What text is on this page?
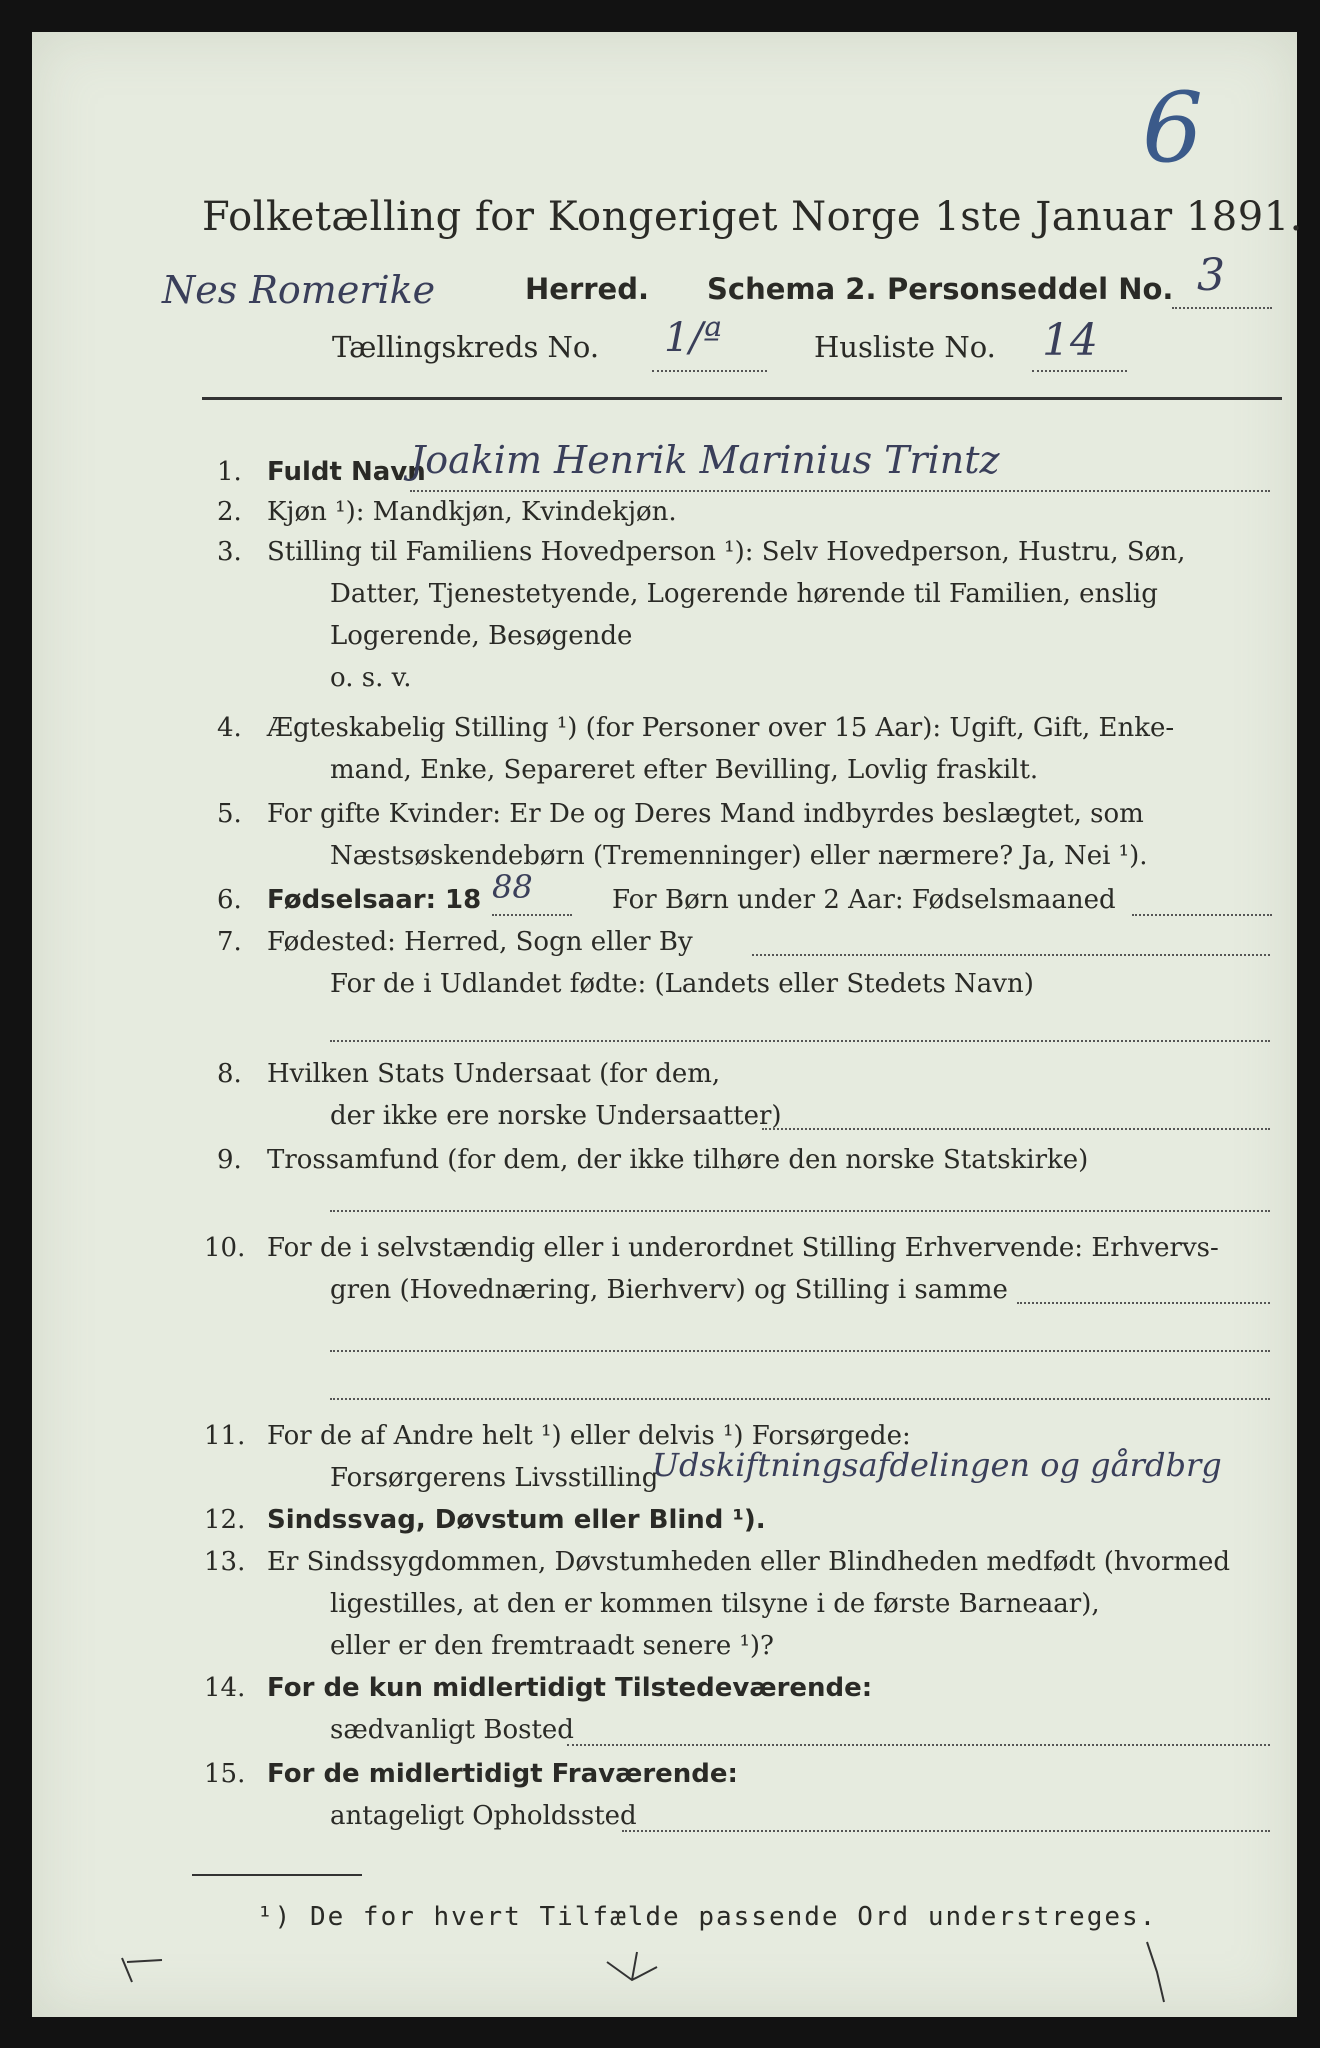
6
Folketælling for Kongeriget Norge 1ste Januar 1891.
Nes Romerike	Herred. Schema 2. Personseddel No. 3
Tællingskreds No. 1/ª	Husliste No. 14
1. Fuldt Navn
Joakim Henrik Marinius Trintz
2. Kjøn ¹): Mandkjøn, Kvindekjøn.
3. Stilling til Familiens Hovedperson ¹): Selv Hovedperson, Hustru, Søn,
Datter, Tjenestetyende, Logerende hørende til Familien, enslig
Logerende, Besøgende
o. s. v.
4. Ægteskabelig Stilling ¹) (for Personer over 15 Aar): Ugift, Gift, Enke-
mand, Enke, Separeret efter Bevilling, Lovlig fraskilt.
5. For gifte Kvinder: Er De og Deres Mand indbyrdes beslægtet, som
Næstsøskendebørn (Tremenninger) eller nærmere? Ja, Nei ¹).
6. Fødselsaar: 18 88	For Børn under 2 Aar: Fødselsmaaned
7. Fødested: Herred, Sogn eller By
For de i Udlandet fødte: (Landets eller Stedets Navn)
8. Hvilken Stats Undersaat (for dem,
der ikke ere norske Undersaatter)
9. Trossamfund (for dem, der ikke tilhøre den norske Statskirke)
10. For de i selvstændig eller i underordnet Stilling Erhvervende: Erhvervs-
gren (Hovednæring, Bierhverv) og Stilling i samme
11. For de af Andre helt ¹) eller delvis ¹) Forsørgede:
Forsørgerens Livsstilling
Udskiftningsafdelingen og gårdbrg
12. Sindssvag, Døvstum eller Blind ¹).
13. Er Sindssygdommen, Døvstumheden eller Blindheden medfødt (hvormed
ligestilles, at den er kommen tilsyne i de første Barneaar),
eller er den fremtraadt senere ¹)?
14. For de kun midlertidigt Tilstedeværende:
sædvanligt Bosted
15. For de midlertidigt Fraværende:
antageligt Opholdssted
¹) De for hvert Tilfælde passende Ord understreges.
